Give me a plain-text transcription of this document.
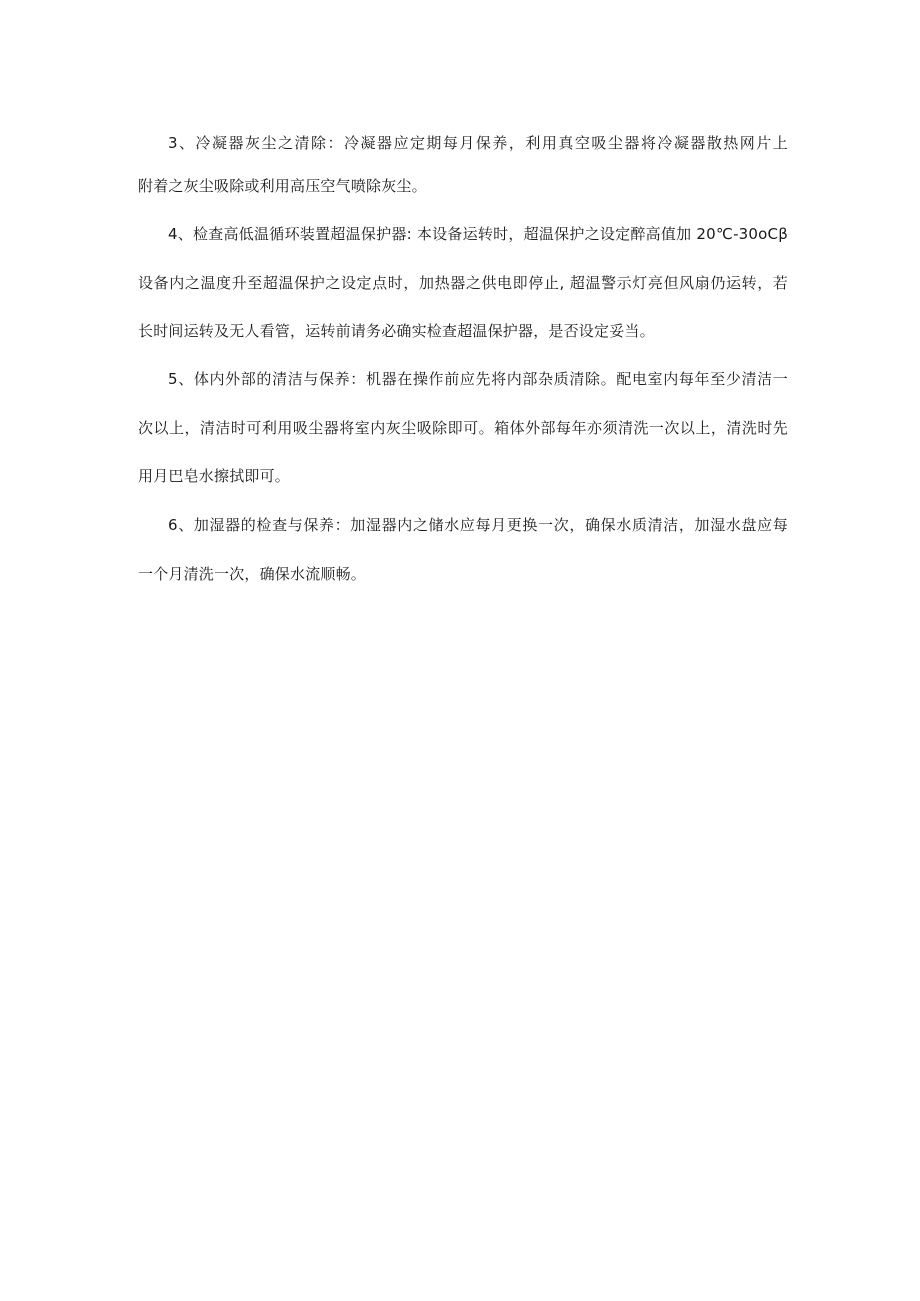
3、冷凝器灰尘之清除：冷凝器应定期每月保养，利用真空吸尘器将冷凝器散热网片上
附着之灰尘吸除或利用高压空气喷除灰尘。
4、检查高低温循环装置超温保护器: 本设备运转时，超温保护之设定醉高值加 20℃-30oCβ
设备内之温度升至超温保护之设定点时，加热器之供电即停止, 超温警示灯亮但风扇仍运转，若
长时间运转及无人看管，运转前请务必确实检查超温保护器，是否设定妥当。
5、体内外部的清洁与保养：机器在操作前应先将内部杂质清除。配电室内每年至少清洁一
次以上，清洁时可利用吸尘器将室内灰尘吸除即可。箱体外部每年亦须清洗一次以上，清洗时先
用月巴皂水擦拭即可。
6、加湿器的检查与保养：加湿器内之储水应每月更换一次，确保水质清洁，加湿水盘应每
一个月清洗一次，确保水流顺畅。
